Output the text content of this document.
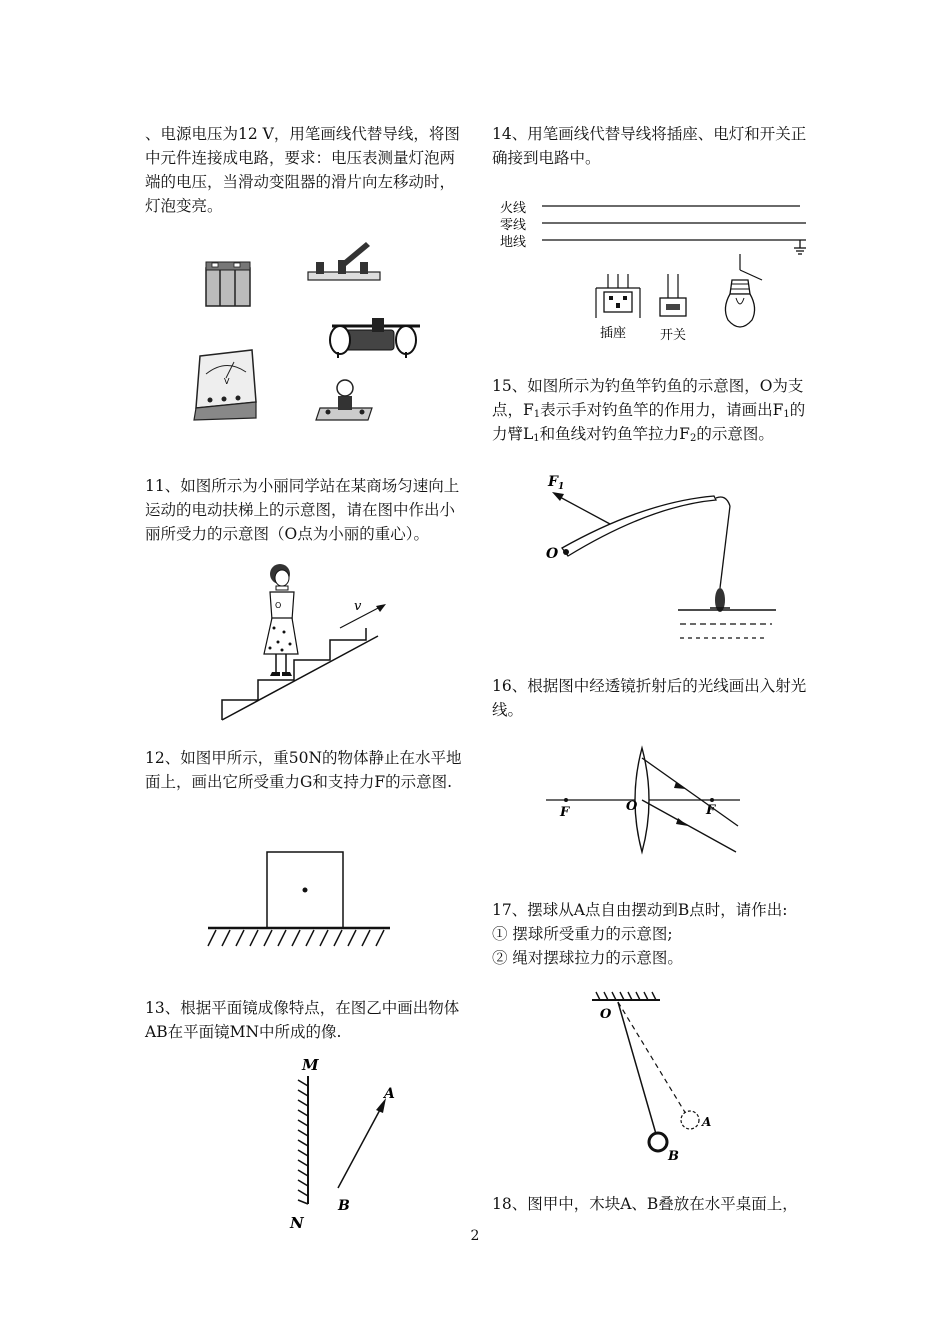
、电源电压为12 V，用笔画线代替导线，将图中元件连接成电路，要求：电压表测量灯泡两端的电压，当滑动变阻器的滑片向左移动时，灯泡变亮。

V

11、如图所示为小丽同学站在某商场匀速向上运动的电动扶梯上的示意图，请在图中作出小丽所受力的示意图（O点为小丽的重心）。

v
O

12、如图甲所示，重50N的物体静止在水平地面上，画出它所受重力G和支持力F的示意图.

13、根据平面镜成像特点，在图乙中画出物体AB在平面镜MN中所成的像.

M
N
A
B

14、用笔画线代替导线将插座、电灯和开关正确接到电路中。

火线
零线
地线
插座	开关

15、如图所示为钓鱼竿钓鱼的示意图，O为支点，$F_1$表示手对钓鱼竿的作用力，请画出$F_1$的力臂$L_1$和鱼线对钓鱼竿拉力$F_2$的示意图。

$F_1$
O

16、根据图中经透镜折射后的光线画出入射光线。

F	O	F

17、摆球从A点自由摆动到B点时，请作出:

① 摆球所受重力的示意图;

② 绳对摆球拉力的示意图。

O
A
B

18、图甲中，木块A、B叠放在水平桌面上，

2
